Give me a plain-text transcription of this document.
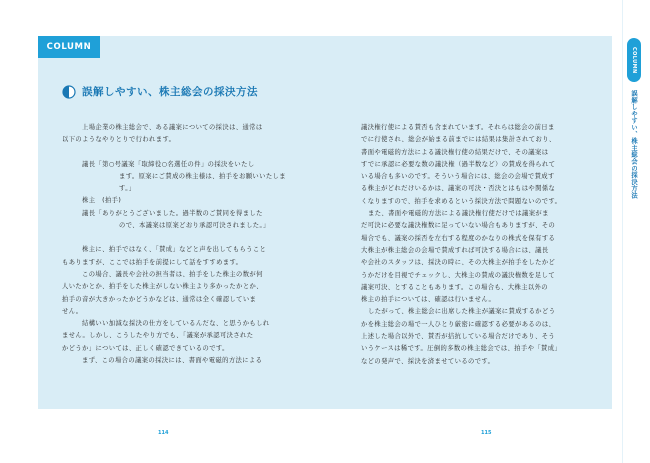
COLUMN
誤解しやすい、株主総会の採決方法

上場企業の株主総会で、ある議案についての採決は、通常は

以下のようなやりとりで行われます。

議長「第○号議案「取締役○名選任の件」の採決をいたし

ます。原案にご賛成の株主様は、拍手をお願いいたしま

す。」

株主　(拍手)

議長「ありがとうございました。過半数のご賛同を得ました

ので、本議案は原案どおり承認可決されました。」

株主に、拍手ではなく、「賛成」などと声を出してもらうこと

もありますが、ここでは拍手を前提にして話をすすめます。

この場合、議長や会社の担当者は、拍手をした株主の数が何

人いたかとか、拍手をした株主がしない株主より多かったかとか、

拍手の音が大きかったかどうかなどは、通常は全く確認していま

せん。

結構いい加減な採決の仕方をしているんだな、と思うかもしれ

ません。しかし、こうしたやり方でも、「議案が承認可決された

かどうか」については、正しく確認できているのです。

まず、この場合の議案の採決には、書面や電磁的方法による

議決権行使による賛否も含まれています。それらは総会の前日ま

でに行使され、総会が始まる前までには結果は集計されており、

書面や電磁的方法による議決権行使の結果だけで、その議案は

すでに承認に必要な数の議決権（過半数など）の賛成を得られて

いる場合も多いのです。そういう場合には、総会の会場で賛成す

る株主がどれだけいるかは、議案の可決・否決とはもはや関係な

くなりますので、拍手を求めるという採決方法で問題ないのです。

また、書面や電磁的方法による議決権行使だけでは議案がま

だ可決に必要な議決権数に足っていない場合もありますが、その

場合でも、議案の採否を左右する程度のかなりの株式を保有する

大株主が株主総会の会場で賛成すれば可決する場合には、議長

や会社のスタッフは、採決の時に、その大株主が拍手をしたかど

うかだけを目視でチェックし、大株主の賛成の議決権数を足して

議案可決、とすることもあります。この場合も、大株主以外の

株主の拍手については、確認は行いません。

したがって、株主総会に出席した株主が議案に賛成するかどう

かを株主総会の場で一人ひとり厳密に確認する必要があるのは、

上述した場合以外で、賛否が拮抗している場合だけであり、そう

いうケースは稀です。圧倒的多数の株主総会では、拍手や「賛成」

などの発声で、採決を済ませているのです。

114	115
COLUMN
誤解しやすい、株主総会の採決方法
